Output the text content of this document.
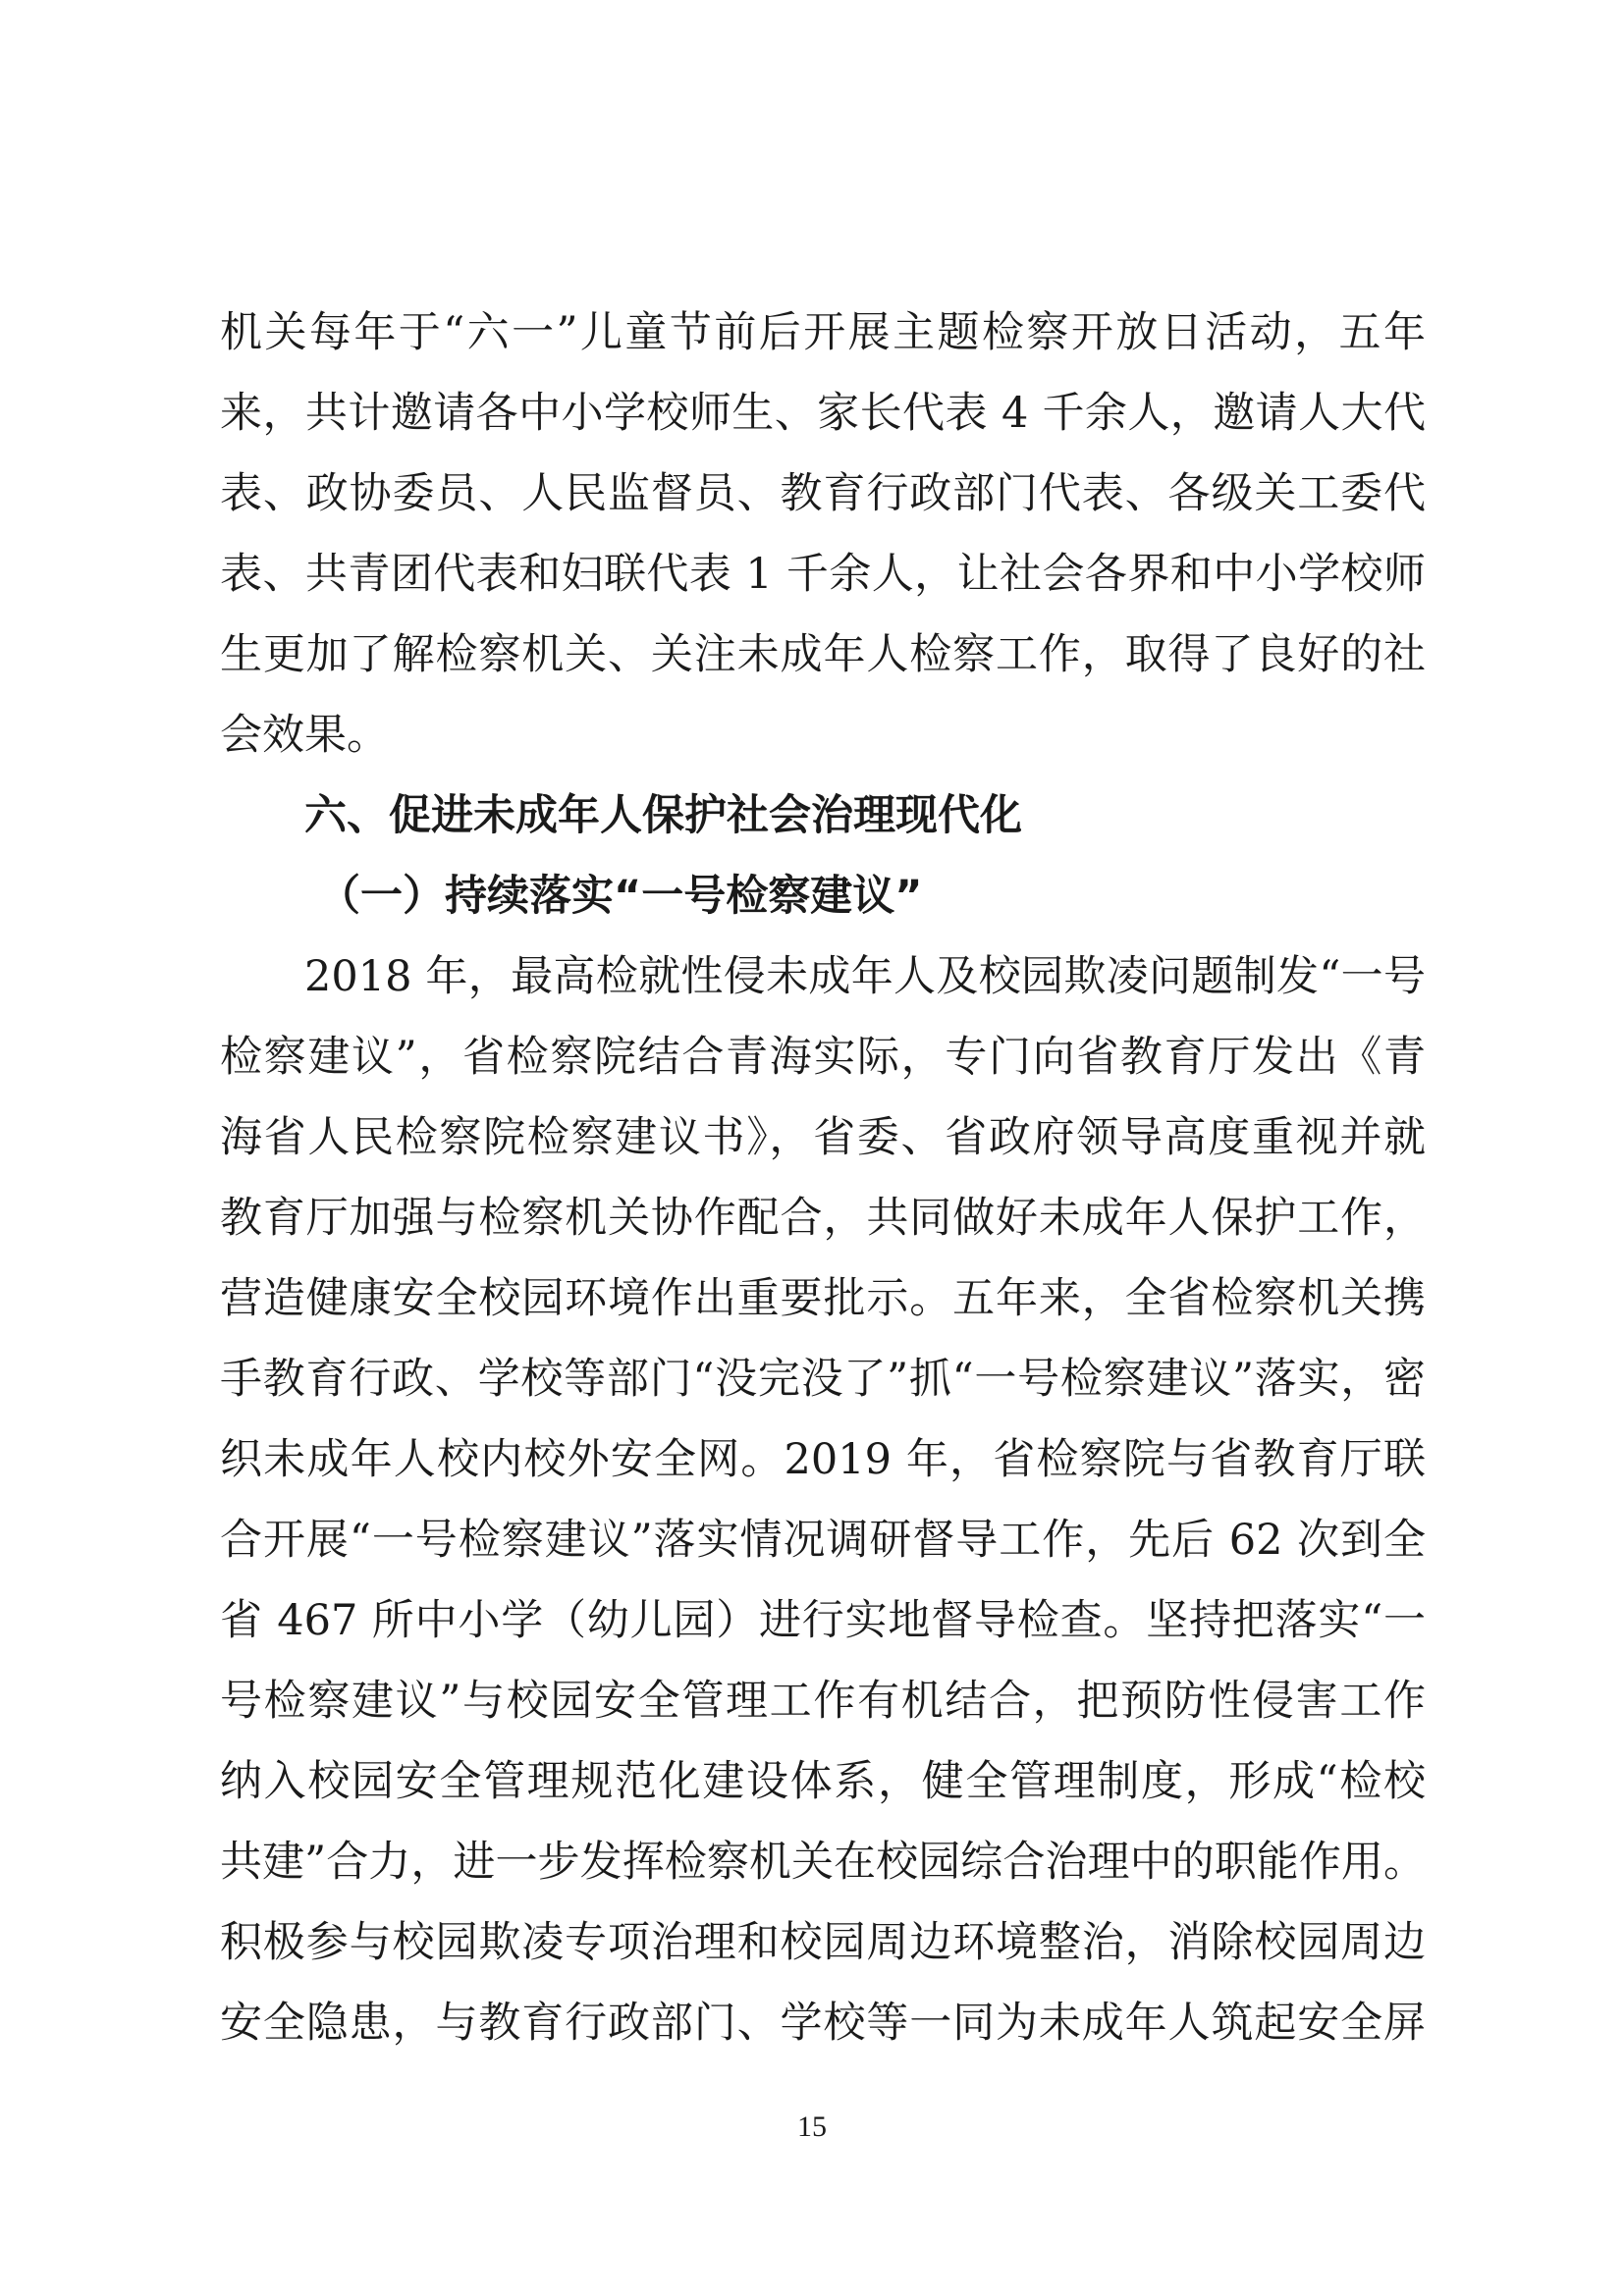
机关每年于“六一”儿童节前后开展主题检察开放日活动，五年
来，共计邀请各中小学校师生、家长代表 4 千余人，邀请人大代
表、政协委员、人民监督员、教育行政部门代表、各级关工委代
表、共青团代表和妇联代表 1 千余人，让社会各界和中小学校师
生更加了解检察机关、关注未成年人检察工作，取得了良好的社
会效果。
六、促进未成年人保护社会治理现代化
（一）持续落实“一号检察建议”
2018 年，最高检就性侵未成年人及校园欺凌问题制发“一号
检察建议”，省检察院结合青海实际，专门向省教育厅发出《青
海省人民检察院检察建议书》，省委、省政府领导高度重视并就
教育厅加强与检察机关协作配合，共同做好未成年人保护工作，
营造健康安全校园环境作出重要批示。五年来，全省检察机关携
手教育行政、学校等部门“没完没了”抓“一号检察建议”落实，密
织未成年人校内校外安全网。2019 年，省检察院与省教育厅联
合开展“一号检察建议”落实情况调研督导工作，先后 62 次到全
省 467 所中小学（幼儿园）进行实地督导检查。坚持把落实“一
号检察建议”与校园安全管理工作有机结合，把预防性侵害工作
纳入校园安全管理规范化建设体系，健全管理制度，形成“检校
共建”合力，进一步发挥检察机关在校园综合治理中的职能作用。
积极参与校园欺凌专项治理和校园周边环境整治，消除校园周边
安全隐患，与教育行政部门、学校等一同为未成年人筑起安全屏
15
